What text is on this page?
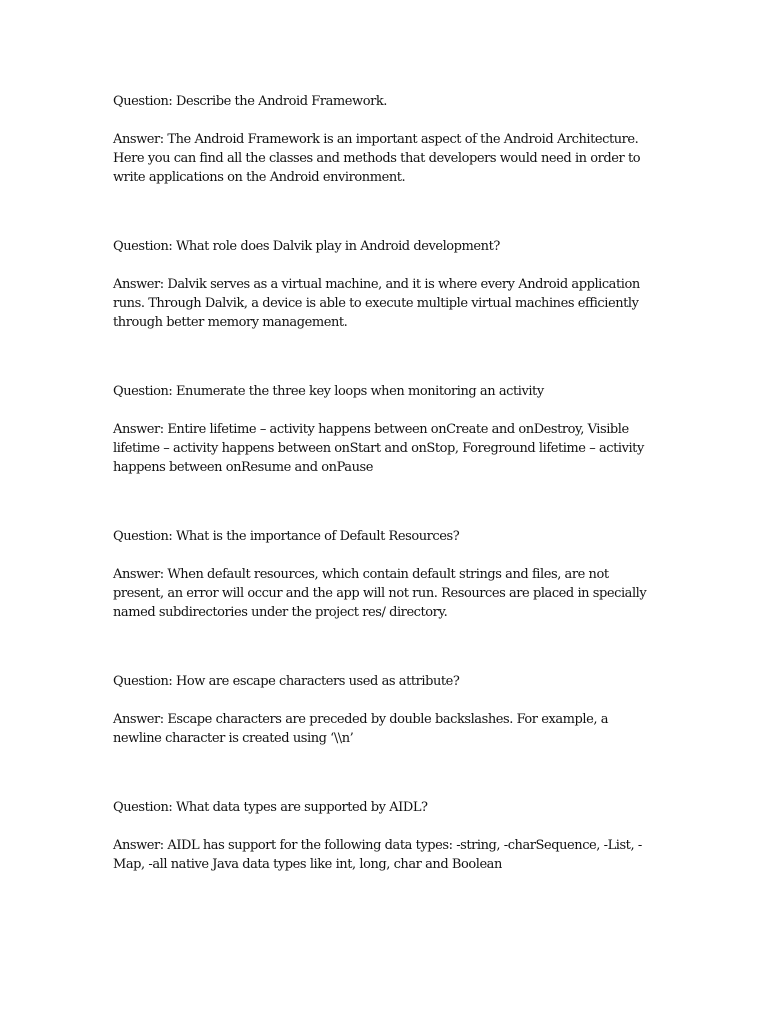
Question: Describe the Android Framework.

Answer: The Android Framework is an important aspect of the Android Architecture. Here you can find all the classes and methods that developers would need in order to write applications on the Android environment.

Question: What role does Dalvik play in Android development?

Answer: Dalvik serves as a virtual machine, and it is where every Android application runs. Through Dalvik, a device is able to execute multiple virtual machines efficiently through better memory management.

Question: Enumerate the three key loops when monitoring an activity

Answer: Entire lifetime – activity happens between onCreate and onDestroy, Visible lifetime – activity happens between onStart and onStop, Foreground lifetime – activity happens between onResume and onPause

Question: What is the importance of Default Resources?

Answer: When default resources, which contain default strings and files, are not present, an error will occur and the app will not run. Resources are placed in specially named subdirectories under the project res/ directory.

Question: How are escape characters used as attribute?

Answer: Escape characters are preceded by double backslashes. For example, a newline character is created using ‘\\n’

Question: What data types are supported by AIDL?

Answer: AIDL has support for the following data types: -string, -charSequence, -List, -Map, -all native Java data types like int, long, char and Boolean
